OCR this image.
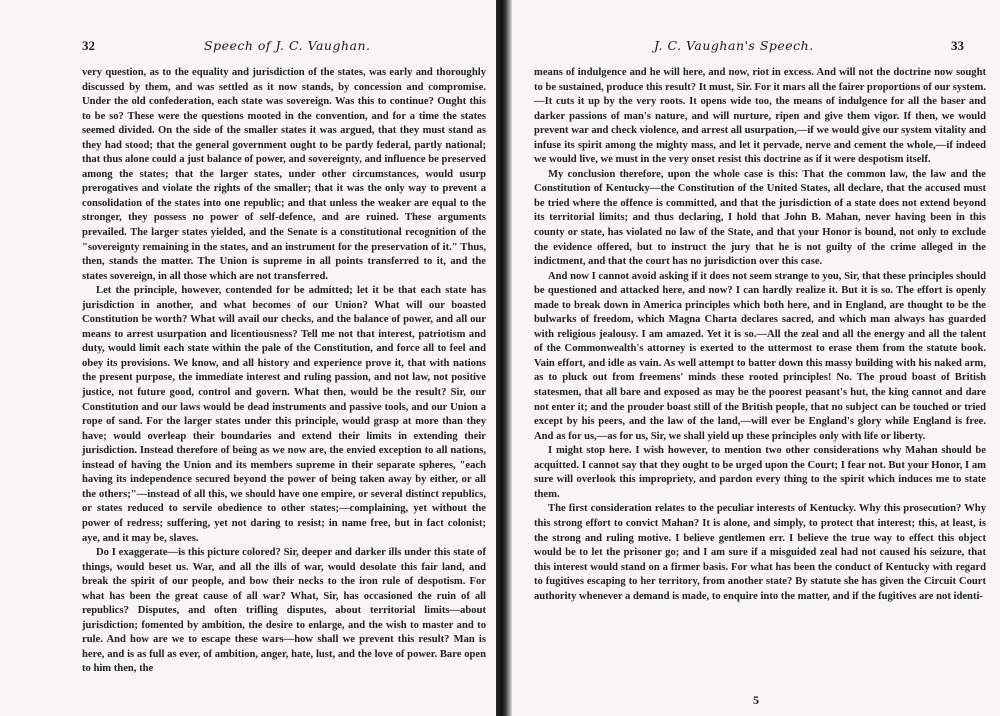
32	Speech of J. C. Vaughan.

very question, as to the equality and jurisdiction of the states, was early and thoroughly discussed by them, and was settled as it now stands, by concession and compromise. Under the old confederation, each state was sovereign. Was this to continue? Ought this to be so? These were the questions mooted in the convention, and for a time the states seemed divided. On the side of the smaller states it was argued, that they must stand as they had stood; that the general government ought to be partly federal, partly national; that thus alone could a just balance of power, and sovereignty, and influence be preserved among the states; that the larger states, under other circumstances, would usurp prerogatives and violate the rights of the smaller; that it was the only way to prevent a consolidation of the states into one republic; and that unless the weaker are equal to the stronger, they possess no power of self-defence, and are ruined. These arguments prevailed. The larger states yielded, and the Senate is a constitutional recognition of the "sovereignty remaining in the states, and an instrument for the preservation of it." Thus, then, stands the matter. The Union is supreme in all points transferred to it, and the states sovereign, in all those which are not transferred.

Let the principle, however, contended for be admitted; let it be that each state has jurisdiction in another, and what becomes of our Union? What will our boasted Constitution be worth? What will avail our checks, and the balance of power, and all our means to arrest usurpation and licentiousness? Tell me not that interest, patriotism and duty, would limit each state within the pale of the Constitution, and force all to feel and obey its provisions. We know, and all history and experience prove it, that with nations the present purpose, the immediate interest and ruling passion, and not law, not positive justice, not future good, control and govern. What then, would be the result? Sir, our Constitution and our laws would be dead instruments and passive tools, and our Union a rope of sand. For the larger states under this principle, would grasp at more than they have; would overleap their boundaries and extend their limits in extending their jurisdiction. Instead therefore of being as we now are, the envied exception to all nations, instead of having the Union and its members supreme in their separate spheres, "each having its independence secured beyond the power of being taken away by either, or all the others;"—instead of all this, we should have one empire, or several distinct republics, or states reduced to servile obedience to other states;—complaining, yet without the power of redress; suffering, yet not daring to resist; in name free, but in fact colonist; aye, and it may be, slaves.

Do I exaggerate—is this picture colored? Sir, deeper and darker ills under this state of things, would beset us. War, and all the ills of war, would desolate this fair land, and break the spirit of our people, and bow their necks to the iron rule of despotism. For what has been the great cause of all war? What, Sir, has occasioned the ruin of all republics? Disputes, and often trifling disputes, about territorial limits—about jurisdiction; fomented by ambition, the desire to enlarge, and the wish to master and to rule. And how are we to escape these wars—how shall we prevent this result? Man is here, and is as full as ever, of ambition, anger, hate, lust, and the love of power. Bare open to him then, the

J. C. Vaughan's Speech.	33

means of indulgence and he will here, and now, riot in excess. And will not the doctrine now sought to be sustained, produce this result? It must, Sir. For it mars all the fairer proportions of our system.—It cuts it up by the very roots. It opens wide too, the means of indulgence for all the baser and darker passions of man's nature, and will nurture, ripen and give them vigor. If then, we would prevent war and check violence, and arrest all usurpation,—if we would give our system vitality and infuse its spirit among the mighty mass, and let it pervade, nerve and cement the whole,—if indeed we would live, we must in the very onset resist this doctrine as if it were despotism itself.

My conclusion therefore, upon the whole case is this: That the common law, the law and the Constitution of Kentucky—the Constitution of the United States, all declare, that the accused must be tried where the offence is committed, and that the jurisdiction of a state does not extend beyond its territorial limits; and thus declaring, I hold that John B. Mahan, never having been in this county or state, has violated no law of the State, and that your Honor is bound, not only to exclude the evidence offered, but to instruct the jury that he is not guilty of the crime alleged in the indictment, and that the court has no jurisdiction over this case.

And now I cannot avoid asking if it does not seem strange to you, Sir, that these principles should be questioned and attacked here, and now? I can hardly realize it. But it is so. The effort is openly made to break down in America principles which both here, and in England, are thought to be the bulwarks of freedom, which Magna Charta declares sacred, and which man always has guarded with religious jealousy. I am amazed. Yet it is so.—All the zeal and all the energy and all the talent of the Commonwealth's attorney is exerted to the uttermost to erase them from the statute book. Vain effort, and idle as vain. As well attempt to batter down this massy building with his naked arm, as to pluck out from freemens' minds these rooted principles! No. The proud boast of British statesmen, that all bare and exposed as may be the poorest peasant's hut, the king cannot and dare not enter it; and the prouder boast still of the British people, that no subject can be touched or tried except by his peers, and the law of the land,—will ever be England's glory while England is free. And as for us,—as for us, Sir, we shall yield up these principles only with life or liberty.

I might stop here. I wish however, to mention two other considerations why Mahan should be acquitted. I cannot say that they ought to be urged upon the Court; I fear not. But your Honor, I am sure will overlook this impropriety, and pardon every thing to the spirit which induces me to state them.

The first consideration relates to the peculiar interests of Kentucky. Why this prosecution? Why this strong effort to convict Mahan? It is alone, and simply, to protect that interest; this, at least, is the strong and ruling motive. I believe gentlemen err. I believe the true way to effect this object would be to let the prisoner go; and I am sure if a misguided zeal had not caused his seizure, that this interest would stand on a firmer basis. For what has been the conduct of Kentucky with regard to fugitives escaping to her territory, from another state? By statute she has given the Circuit Court authority whenever a demand is made, to enquire into the matter, and if the fugitives are not identi-

5
